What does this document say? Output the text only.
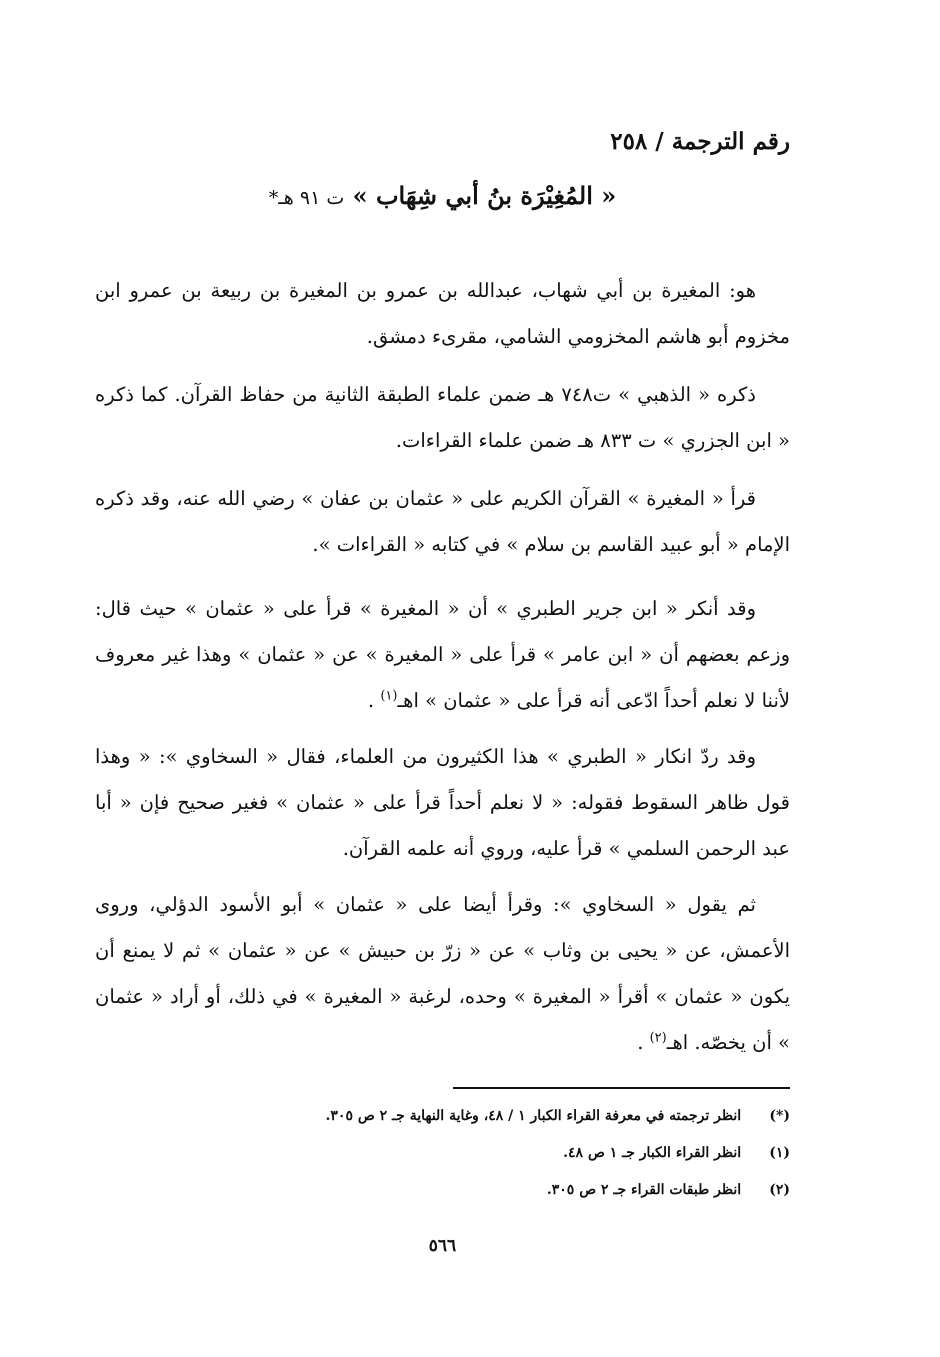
رقم الترجمة / ٢٥٨
« المُغِيْرَة بنُ أبي شِهَاب » ت ٩١ هـ*

هو: المغيرة بن أبي شهاب، عبدالله بن عمرو بن المغيرة بن ربيعة بن عمرو ابن مخزوم أبو هاشم المخزومي الشامي، مقرىء دمشق.

ذكره « الذهبي » ت٧٤٨ هـ ضمن علماء الطبقة الثانية من حفاظ القرآن. كما ذكره « ابن الجزري » ت ٨٣٣ هـ ضمن علماء القراءات.

قرأ « المغيرة » القرآن الكريم على « عثمان بن عفان » رضي الله عنه، وقد ذكره الإمام « أبو عبيد القاسم بن سلام » في كتابه « القراءات ».

وقد أنكر « ابن جرير الطبري » أن « المغيرة » قرأ على « عثمان » حيث قال: وزعم بعضهم أن « ابن عامر » قرأ على « المغيرة » عن « عثمان » وهذا غير معروف لأننا لا نعلم أحداً ادّعى أنه قرأ على « عثمان » اهـ$^{(١)}$ .

وقد ردّ انكار « الطبري » هذا الكثيرون من العلماء، فقال « السخاوي »: « وهذا قول ظاهر السقوط فقوله: « لا نعلم أحداً قرأ على « عثمان » فغير صحيح فإن « أبا عبد الرحمن السلمي » قرأ عليه، وروي أنه علمه القرآن.

ثم يقول « السخاوي »: وقرأ أيضا على « عثمان » أبو الأسود الدؤلي، وروى الأعمش، عن « يحيى بن وثاب » عن « زرّ بن حبيش » عن « عثمان » ثم لا يمنع أن يكون « عثمان » أقرأ « المغيرة » وحده، لرغبة « المغيرة » في ذلك، أو أراد « عثمان » أن يخصّه. اهـ$^{(٢)}$ .

(*) انظر ترجمته في معرفة القراء الكبار ١ / ٤٨، وغاية النهاية جـ ٢ ص ٣٠٥.
(١) انظر القراء الكبار جـ ١ ص ٤٨.
(٢) انظر طبقات القراء جـ ٢ ص ٣٠٥.
٥٦٦
